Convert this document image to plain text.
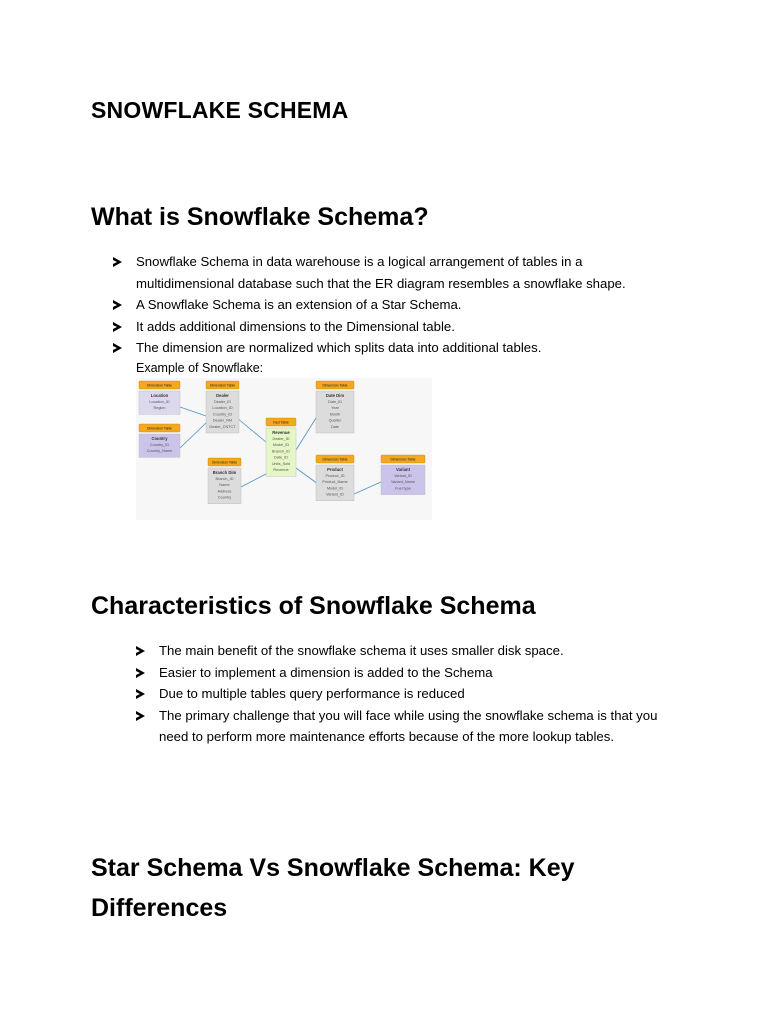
SNOWFLAKE SCHEMA
What is Snowflake Schema?
Snowflake Schema in data warehouse is a logical arrangement of tables in a multidimensional database such that the ER diagram resembles a snowflake shape.
A Snowflake Schema is an extension of a Star Schema.
It adds additional dimensions to the Dimensional table.
The dimension are normalized which splits data into additional tables.
Example of Snowflake:
Dimension Table
Location
Location_ID
Region
Dimension Table
Country
Country_ID
Country_Name
Dimension Table
Dealer
Dealer_ID
Location_ID
Country_ID
Dealer_NM
Dealer_CNTCT
Fact Table
Revenue
Dealer_ID
Model_ID
Branch_ID
Date_ID
Units_Sold
Revenue
Dimension Table
Date Dim
Date_ID
Year
Month
Quarter
Date
Dimension Table
Branch Dim
Branch_ID
Name
Address
Country
Dimension Table
Product
Product_ID
Product_Name
Model_ID
Variant_ID
Dimension Table
Variant
Variant_ID
Variant_Name
Fuel type
Characteristics of Snowflake Schema
The main benefit of the snowflake schema it uses smaller disk space.
Easier to implement a dimension is added to the Schema
Due to multiple tables query performance is reduced
The primary challenge that you will face while using the snowflake schema is that you need to perform more maintenance efforts because of the more lookup tables.
Star Schema Vs Snowflake Schema: Key Differences
